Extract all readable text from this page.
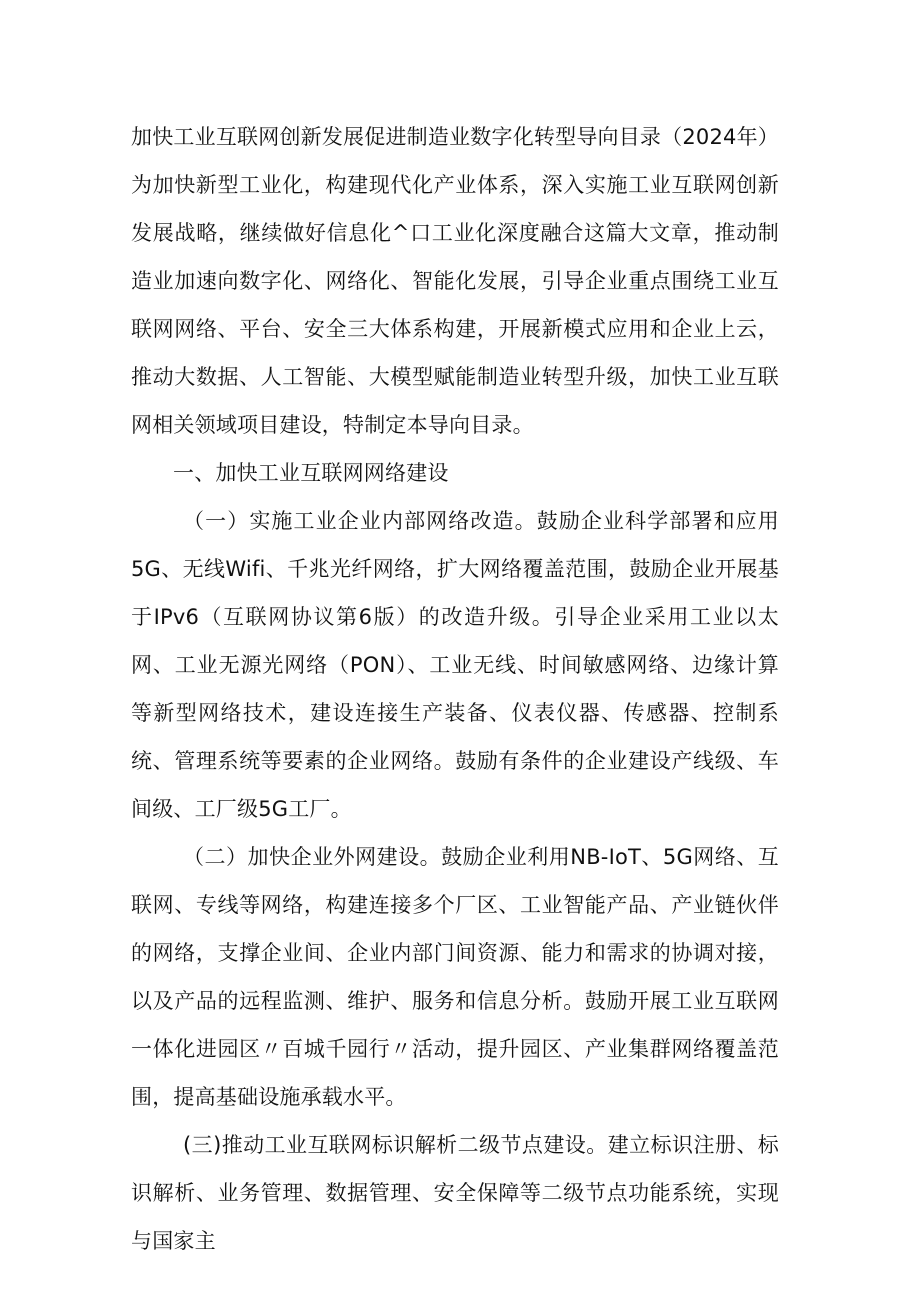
加快工业互联网创新发展促进制造业数字化转型导向目录（2024年）为加快新型工业化，构建现代化产业体系，深入实施工业互联网创新发展战略，继续做好信息化^口工业化深度融合这篇大文章，推动制造业加速向数字化、网络化、智能化发展，引导企业重点围绕工业互联网网络、平台、安全三大体系构建，开展新模式应用和企业上云，推动大数据、人工智能、大模型赋能制造业转型升级，加快工业互联网相关领域项目建设，特制定本导向目录。

一、加快工业互联网网络建设

（一）实施工业企业内部网络改造。鼓励企业科学部署和应用5G、无线Wifi、千兆光纤网络，扩大网络覆盖范围，鼓励企业开展基于IPv6（互联网协议第6版）的改造升级。引导企业采用工业以太网、工业无源光网络（PON）、工业无线、时间敏感网络、边缘计算等新型网络技术，建设连接生产装备、仪表仪器、传感器、控制系统、管理系统等要素的企业网络。鼓励有条件的企业建设产线级、车间级、工厂级5G工厂。

（二）加快企业外网建设。鼓励企业利用NB-IoT、5G网络、互联网、专线等网络，构建连接多个厂区、工业智能产品、产业链伙伴的网络，支撑企业间、企业内部门间资源、能力和需求的协调对接，以及产品的远程监测、维护、服务和信息分析。鼓励开展工业互联网一体化进园区〃百城千园行〃活动，提升园区、产业集群网络覆盖范围，提高基础设施承载水平。

(三)推动工业互联网标识解析二级节点建设。建立标识注册、标识解析、业务管理、数据管理、安全保障等二级节点功能系统，实现与国家主
